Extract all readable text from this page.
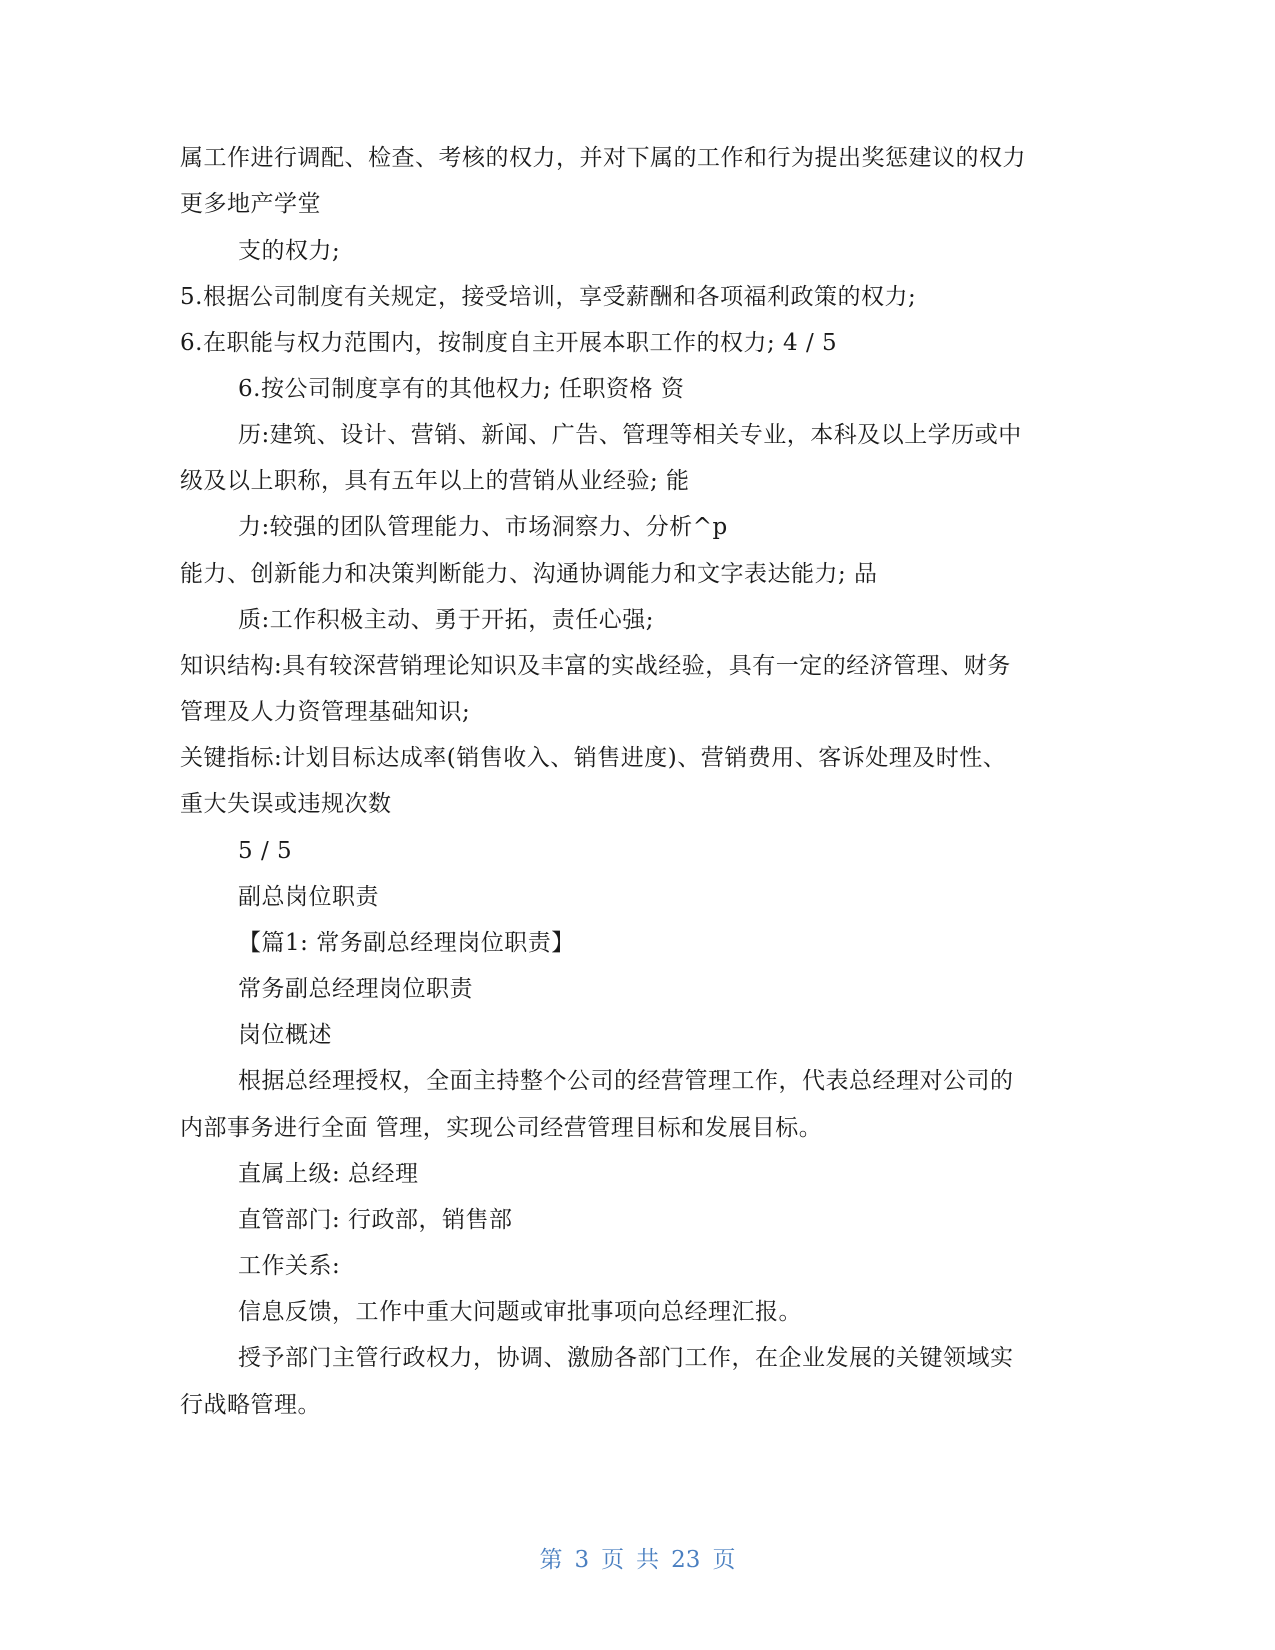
属工作进行调配、检查、考核的权力，并对下属的工作和行为提出奖惩建议的权力
更多地产学堂
支的权力;
5.根据公司制度有关规定，接受培训，享受薪酬和各项福利政策的权力;
6.在职能与权力范围内，按制度自主开展本职工作的权力; 4 / 5
6.按公司制度享有的其他权力; 任职资格 资
历:建筑、设计、营销、新闻、广告、管理等相关专业，本科及以上学历或中
级及以上职称，具有五年以上的营销从业经验; 能
力:较强的团队管理能力、市场洞察力、分析^p
能力、创新能力和决策判断能力、沟通协调能力和文字表达能力; 品
质:工作积极主动、勇于开拓，责任心强;
知识结构:具有较深营销理论知识及丰富的实战经验，具有一定的经济管理、财务
管理及人力资管理基础知识;
关键指标:计划目标达成率(销售收入、销售进度)、营销费用、客诉处理及时性、
重大失误或违规次数
5 / 5
副总岗位职责
【篇1: 常务副总经理岗位职责】
常务副总经理岗位职责
岗位概述
根据总经理授权，全面主持整个公司的经营管理工作，代表总经理对公司的
内部事务进行全面 管理，实现公司经营管理目标和发展目标。
直属上级: 总经理
直管部门: 行政部，销售部
工作关系:
信息反馈，工作中重大问题或审批事项向总经理汇报。
授予部门主管行政权力，协调、激励各部门工作，在企业发展的关键领域实
行战略管理。
第 3 页 共 23 页
